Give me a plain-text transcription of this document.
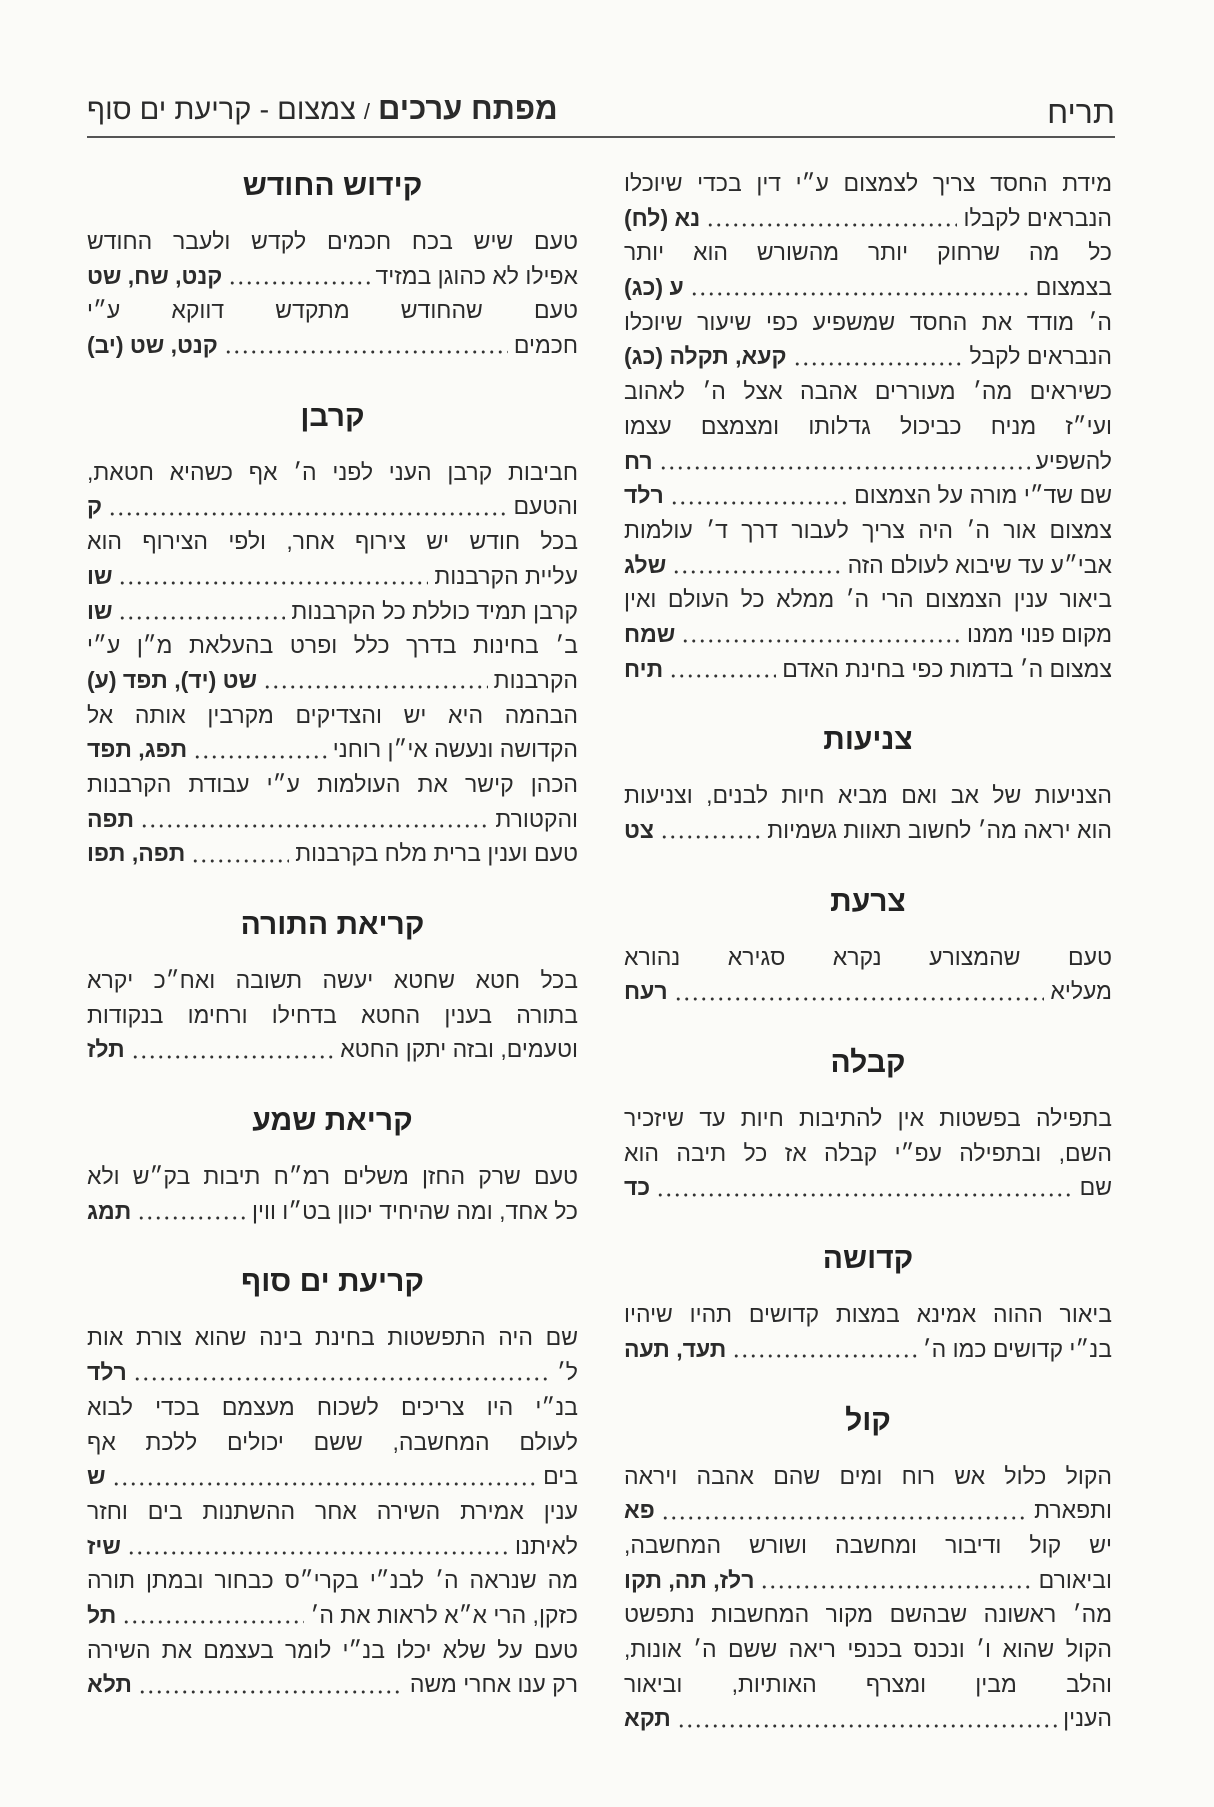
תריח
מפתח ערכים/צמצום - קריעת ים סוף
מידת החסד צריך לצמצום ע״י דין בכדי שיוכלו
הנבראים לקבלו
נא (לח)
כל מה שרחוק יותר מהשורש הוא יותר
בצמצום
ע (כג)
ה׳ מודד את החסד שמשפיע כפי שיעור שיוכלו
הנבראים לקבל
קעא, תקלה (כג)
כשיראים מה׳ מעוררים אהבה אצל ה׳ לאהוב
ועי״ז מניח כביכול גדלותו ומצמצם עצמו
להשפיע
רח
שם שד״י מורה על הצמצום
רלד
צמצום אור ה׳ היה צריך לעבור דרך ד׳ עולמות
אבי״ע עד שיבוא לעולם הזה
שלג
ביאור ענין הצמצום הרי ה׳ ממלא כל העולם ואין
מקום פנוי ממנו
שמח
צמצום ה׳ בדמות כפי בחינת האדם
תיח
צניעות
הצניעות של אב ואם מביא חיות לבנים, וצניעות
הוא יראה מה׳ לחשוב תאוות גשמיות
צט
צרעת
טעם שהמצורע נקרא סגירא נהורא
מעליא
רעח
קבלה
בתפילה בפשטות אין להתיבות חיות עד שיזכיר
השם, ובתפילה עפ״י קבלה אז כל תיבה הוא
שם
כד
קדושה
ביאור ההוה אמינא במצות קדושים תהיו שיהיו
בנ״י קדושים כמו ה׳
תעד, תעה
קול
הקול כלול אש רוח ומים שהם אהבה ויראה
ותפארת
פא
יש קול ודיבור ומחשבה ושורש המחשבה,
וביאורם
רלז, תה, תקו
מה׳ ראשונה שבהשם מקור המחשבות נתפשט
הקול שהוא ו׳ ונכנס בכנפי ריאה ששם ה׳ אונות,
והלב מבין ומצרף האותיות, וביאור
הענין
תקא
קידוש החודש
טעם שיש בכח חכמים לקדש ולעבר החודש
אפילו לא כהוגן במזיד
קנט, שח, שט
טעם שהחודש מתקדש דווקא ע״י
חכמים
קנט, שט (יב)
קרבן
חביבות קרבן העני לפני ה׳ אף כשהיא חטאת,
והטעם
ק
בכל חודש יש צירוף אחר, ולפי הצירוף הוא
עליית הקרבנות
שו
קרבן תמיד כוללת כל הקרבנות
שו
ב׳ בחינות בדרך כלל ופרט בהעלאת מ״ן ע״י
הקרבנות
שט (יד), תפד (ע)
הבהמה היא יש והצדיקים מקרבין אותה אל
הקדושה ונעשה אי״ן רוחני
תפג, תפד
הכהן קישר את העולמות ע״י עבודת הקרבנות
והקטורת
תפה
טעם וענין ברית מלח בקרבנות
תפה, תפו
קריאת התורה
בכל חטא שחטא יעשה תשובה ואח״כ יקרא
בתורה בענין החטא בדחילו ורחימו בנקודות
וטעמים, ובזה יתקן החטא
תלז
קריאת שמע
טעם שרק החזן משלים רמ״ח תיבות בק״ש ולא
כל אחד, ומה שהיחיד יכוון בט״ו ווין
תמג
קריעת ים סוף
שם היה התפשטות בחינת בינה שהוא צורת אות
ל׳
רלד
בנ״י היו צריכים לשכוח מעצמם בכדי לבוא
לעולם המחשבה, ששם יכולים ללכת אף
בים
ש
ענין אמירת השירה אחר ההשתנות בים וחזר
לאיתנו
שיז
מה שנראה ה׳ לבנ״י בקרי״ס כבחור ובמתן תורה
כזקן, הרי א״א לראות את ה׳
תל
טעם על שלא יכלו בנ״י לומר בעצמם את השירה
רק ענו אחרי משה
תלא
